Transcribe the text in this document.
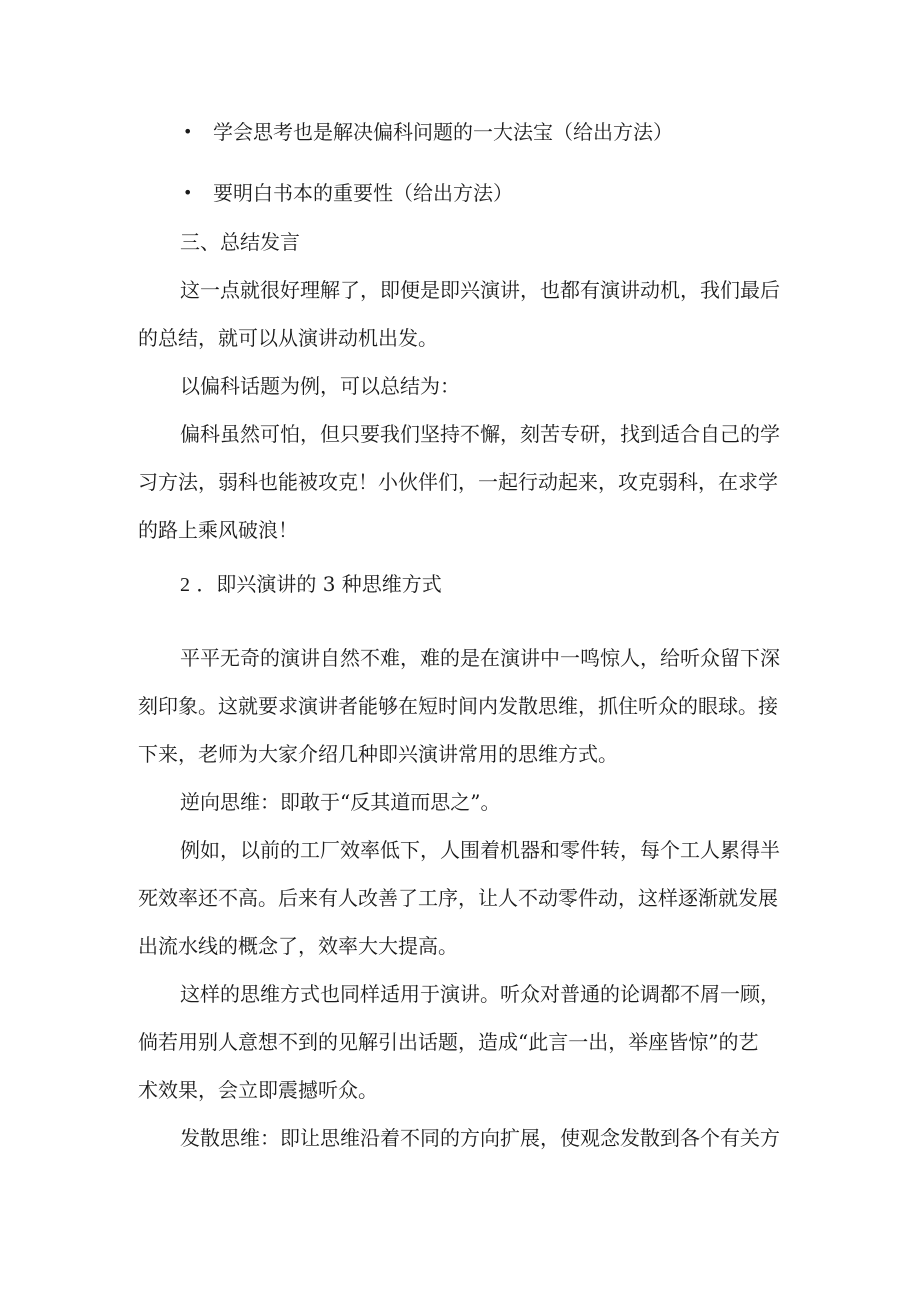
• 学会思考也是解决偏科问题的一大法宝（给出方法）
• 要明白书本的重要性（给出方法）
三、总结发言
这一点就很好理解了，即便是即兴演讲，也都有演讲动机，我们最后
的总结，就可以从演讲动机出发。
以偏科话题为例，可以总结为：
偏科虽然可怕，但只要我们坚持不懈，刻苦专研，找到适合自己的学
习方法，弱科也能被攻克！小伙伴们，一起行动起来，攻克弱科，在求学
的路上乘风破浪！
2 ．即兴演讲的 3 种思维方式
平平无奇的演讲自然不难，难的是在演讲中一鸣惊人，给听众留下深
刻印象。这就要求演讲者能够在短时间内发散思维，抓住听众的眼球。接
下来，老师为大家介绍几种即兴演讲常用的思维方式。
逆向思维：即敢于“反其道而思之”。
例如，以前的工厂效率低下，人围着机器和零件转，每个工人累得半
死效率还不高。后来有人改善了工序，让人不动零件动，这样逐渐就发展
出流水线的概念了，效率大大提高。
这样的思维方式也同样适用于演讲。听众对普通的论调都不屑一顾，
倘若用别人意想不到的见解引出话题，造成“此言一出，举座皆惊”的艺
术效果，会立即震撼听众。
发散思维：即让思维沿着不同的方向扩展，使观念发散到各个有关方
